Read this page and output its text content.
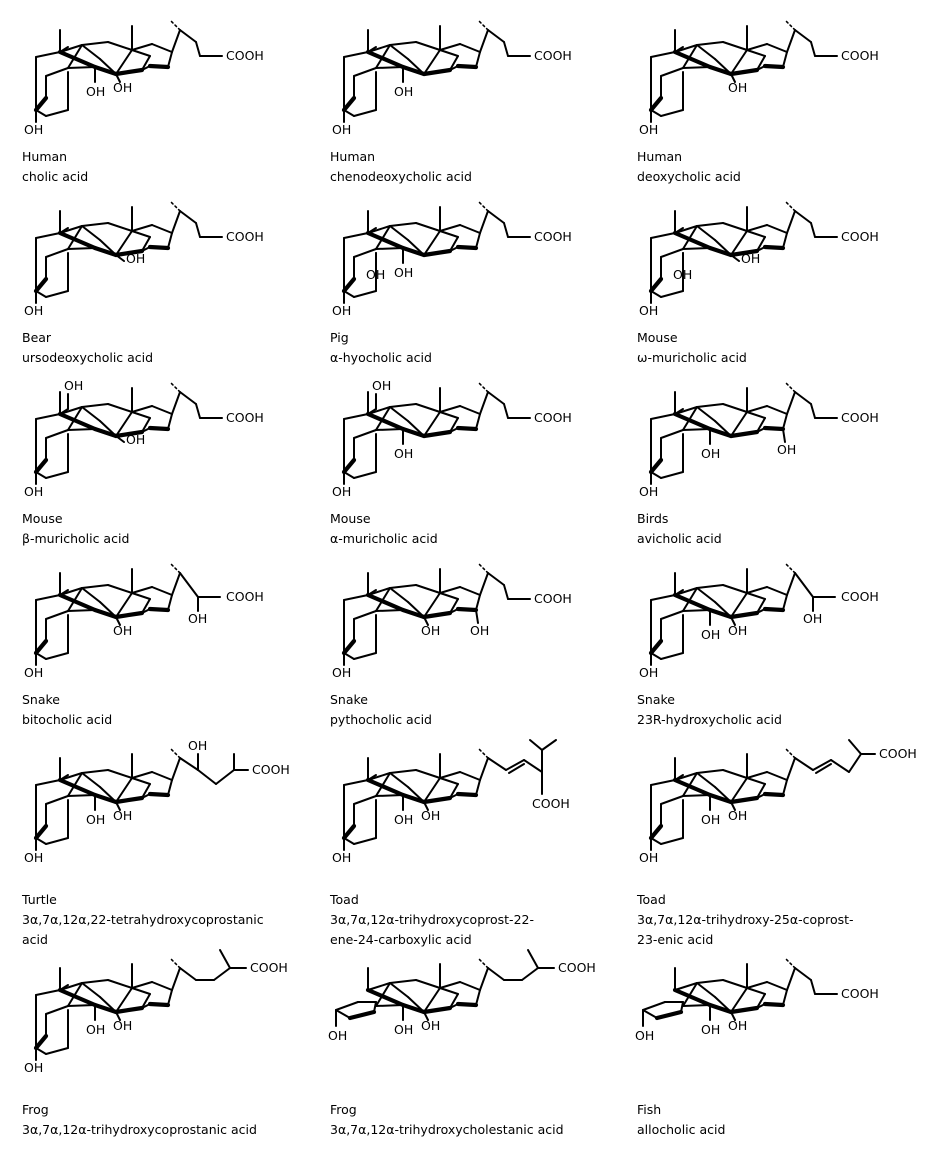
COOH
OH
OH OH
Human
cholic acid
COOH
OH
OH
Human
chenodeoxycholic acid
COOH
OH
OH
Human
deoxycholic acid
COOH
OH
OH
Bear
ursodeoxycholic acid
COOH
OH
OH OH
Pig
α-hyocholic acid
COOH
OH
OH
OH
Mouse
ω-muricholic acid
COOH
OH
OH
OH
Mouse
β-muricholic acid
COOH
OH
OH
OH
Mouse
α-muricholic acid
COOH
OH
OH	OH
Birds
avicholic acid
OH
COOH
OH
OH
Snake
bitocholic acid
COOH
OH
OH OH
Snake
pythocholic acid
OH
COOH
OH
OH OH
Snake
23R-hydroxycholic acid
OH
COOH
OH
OH OH
Turtle
3α,7α,12α,22-tetrahydroxycoprostanic
acid
COOH
OH
OH OH
Toad
3α,7α,12α-trihydroxycoprost-22-
ene-24-carboxylic acid
COOH
OH
OH OH
Toad
3α,7α,12α-trihydroxy-25α-coprost-
23-enic acid
COOH
OH
OH OH
Frog
3α,7α,12α-trihydroxycoprostanic acid
COOH
OH	OH OH
Frog
3α,7α,12α-trihydroxycholestanic acid
COOH
OH	OH OH
Fish
allocholic acid
